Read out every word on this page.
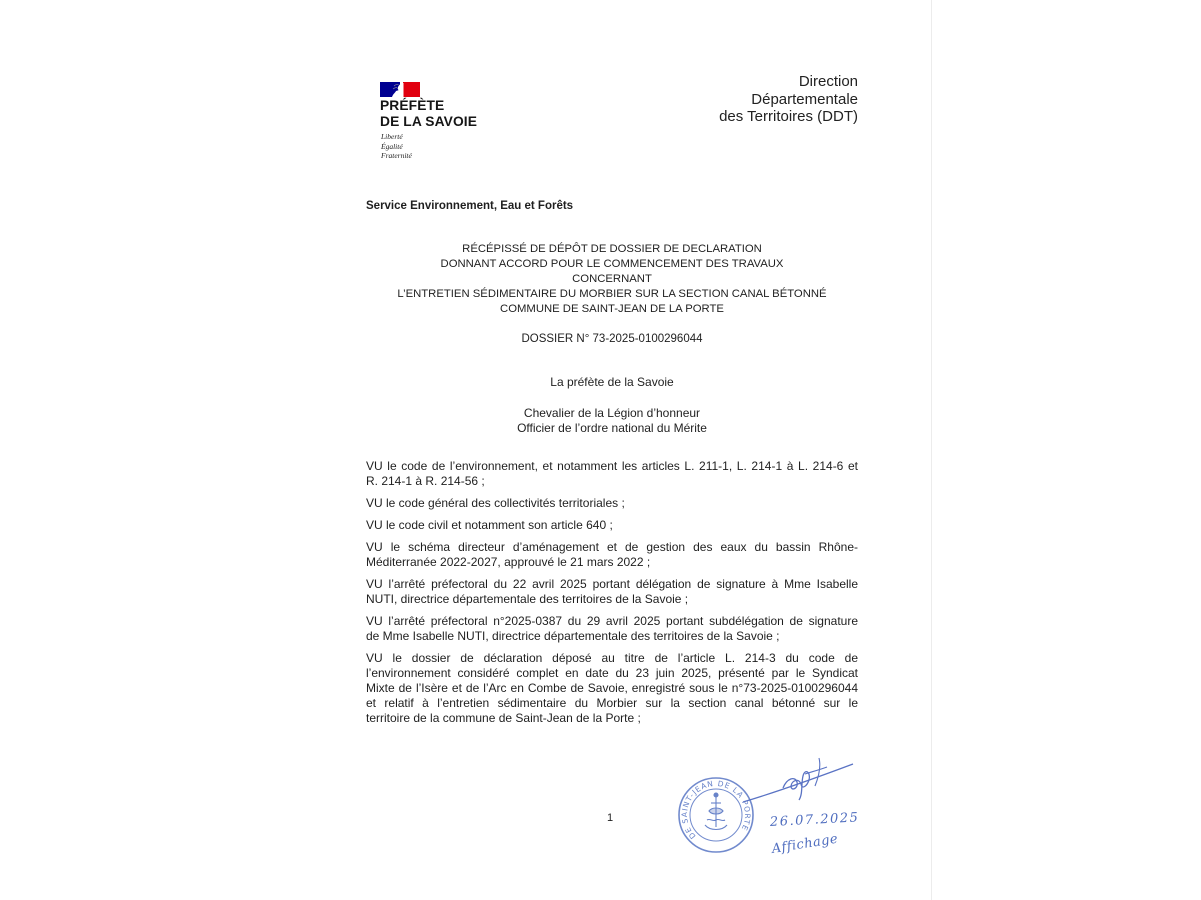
PRÉFÈTE
DE LA SAVOIE
Liberté
Égalité
Fraternité
Direction
Départementale
des Territoires (DDT)
Service Environnement, Eau et Forêts
RÉCÉPISSÉ DE DÉPÔT DE DOSSIER DE DECLARATION
DONNANT ACCORD POUR LE COMMENCEMENT DES TRAVAUX
CONCERNANT
L’ENTRETIEN SÉDIMENTAIRE DU MORBIER SUR LA SECTION CANAL BÉTONNÉ
COMMUNE DE SAINT-JEAN DE LA PORTE
DOSSIER N° 73-2025-0100296044
La préfète de la Savoie
Chevalier de la Légion d’honneur
Officier de l’ordre national du Mérite

VU le code de l’environnement, et notamment les articles L. 211-1, L. 214-1 à L. 214-6 et
R. 214-1 à R. 214-56 ;

VU le code général des collectivités territoriales ;

VU le code civil et notamment son article 640 ;

VU le schéma directeur d’aménagement et de gestion des eaux du bassin Rhône-
Méditerranée 2022-2027, approuvé le 21 mars 2022 ;

VU l’arrêté préfectoral du 22 avril 2025 portant délégation de signature à Mme Isabelle
NUTI, directrice départementale des territoires de la Savoie ;

VU l’arrêté préfectoral n°2025-0387 du 29 avril 2025 portant subdélégation de signature
de Mme Isabelle NUTI, directrice départementale des territoires de la Savoie ;

VU le dossier de déclaration déposé au titre de l’article L. 214-3 du code de
l’environnement considéré complet en date du 23 juin 2025, présenté par le Syndicat
Mixte de l’Isère et de l’Arc en Combe de Savoie, enregistré sous le n°73-2025-0100296044
et relatif à l’entretien sédimentaire du Morbier sur la section canal bétonné sur le
territoire de la commune de Saint-Jean de la Porte ;

1
DE SAINT-JEAN DE LA PORTE 26.07.2025
Affichage
